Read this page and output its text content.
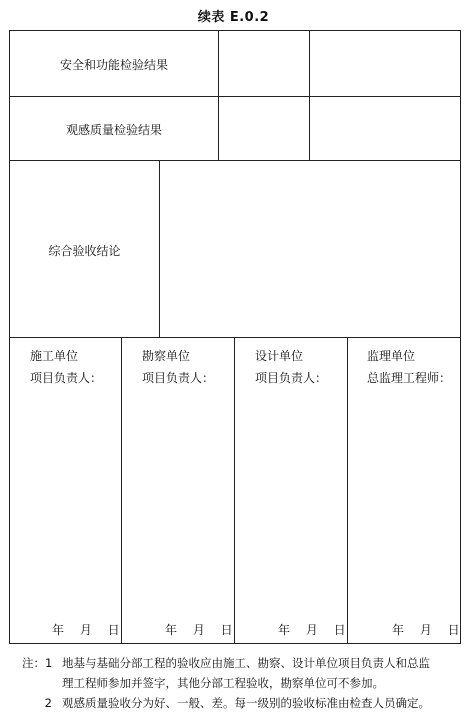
续表 E.0.2
安全和功能检验结果
观感质量检验结果
综合验收结论
施工单位
项目负责人：
年　 月　 日
勘察单位
项目负责人：
年　 月　 日
设计单位
项目负责人：
年　 月　 日
监理单位
总监理工程师：
年　 月　 日
注：1 地基与基础分部工程的验收应由施工、勘察、设计单位项目负责人和总监
理工程师参加并签字，其他分部工程验收，勘察单位可不参加。
2 观感质量验收分为好、一般、差。每一级别的验收标准由检查人员确定。
